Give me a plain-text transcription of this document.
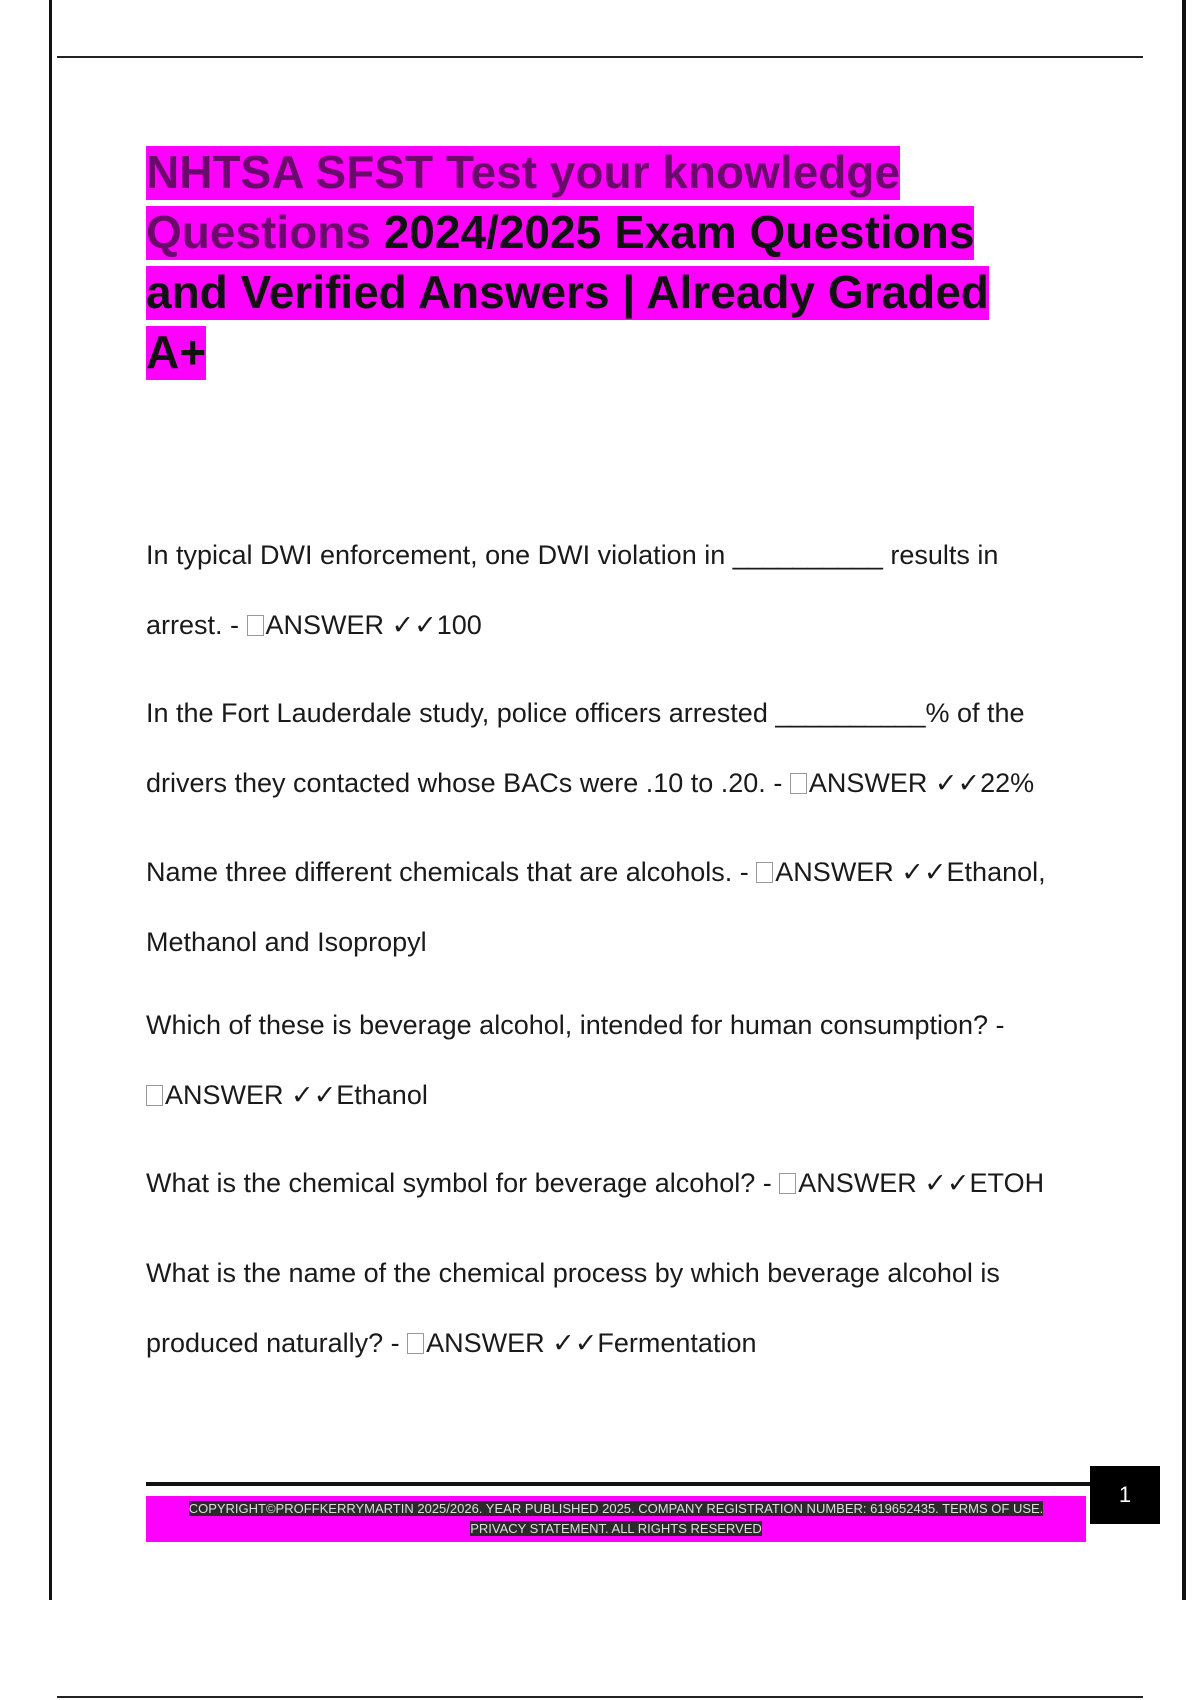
NHTSA SFST Test your knowledge
Questions 2024/2025 Exam Questions
and Verified Answers | Already Graded
A+

In typical DWI enforcement, one DWI violation in __________ results in
arrest. - ANSWER ✓✓100

In the Fort Lauderdale study, police officers arrested __________% of the
drivers they contacted whose BACs were .10 to .20. - ANSWER ✓✓22%

Name three different chemicals that are alcohols. - ANSWER ✓✓Ethanol,
Methanol and Isopropyl

Which of these is beverage alcohol, intended for human consumption? -
ANSWER ✓✓Ethanol

What is the chemical symbol for beverage alcohol? - ANSWER ✓✓ETOH

What is the name of the chemical process by which beverage alcohol is
produced naturally? - ANSWER ✓✓Fermentation

COPYRIGHT©PROFFKERRYMARTIN 2025/2026. YEAR PUBLISHED 2025. COMPANY REGISTRATION NUMBER: 619652435. TERMS OF USE.
PRIVACY STATEMENT. ALL RIGHTS RESERVED
1
